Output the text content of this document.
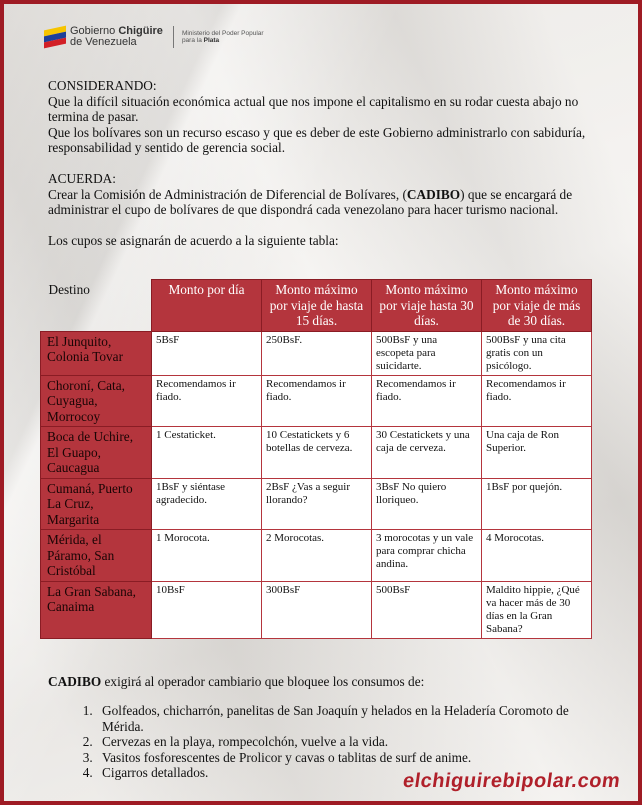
Gobierno Chigüire
de Venezuela
Ministerio del Poder Popular
para la Plata

CONSIDERANDO:

Que la difícil situación económica actual que nos impone el capitalismo en su rodar cuesta abajo no termina de pasar.

Que los bolívares son un recurso escaso y que es deber de este Gobierno administrarlo con sabiduría, responsabilidad y sentido de gerencia social.

ACUERDA:

Crear la Comisión de Administración de Diferencial de Bolívares, (CADIBO) que se encargará de administrar el cupo de bolívares de que dispondrá cada venezolano para hacer turismo nacional.

Los cupos se asignarán de acuerdo a la siguiente tabla:

Destino	Monto por día	Monto máximo por viaje de hasta 15 días.	Monto máximo por viaje hasta 30 días.	Monto máximo por viaje de más de 30 días.
El Junquito, Colonia Tovar	5BsF	250BsF.	500BsF y una escopeta para suicidarte.	500BsF y una cita gratis con un psicólogo.
Choroní, Cata, Cuyagua, Morrocoy	Recomendamos ir fiado.	Recomendamos ir fiado.	Recomendamos ir fiado.	Recomendamos ir fiado.
Boca de Uchire, El Guapo, Caucagua	1 Cestaticket.	10 Cestatickets y 6 botellas de cerveza.	30 Cestatickets y una caja de cerveza.	Una caja de Ron Superior.
Cumaná, Puerto La Cruz, Margarita	1BsF y siéntase agradecido.	2BsF ¿Vas a seguir llorando?	3BsF No quiero lloriqueo.	1BsF por quejón.
Mérida, el Páramo, San Cristóbal	1 Morocota.	2 Morocotas.	3 morocotas y un vale para comprar chicha andina.	4 Morocotas.
La Gran Sabana, Canaima	10BsF	300BsF	500BsF	Maldito hippie, ¿Qué va hacer más de 30 días en la Gran Sabana?

CADIBO exigirá al operador cambiario que bloquee los consumos de:

1. Golfeados, chicharrón, panelitas de San Joaquín y helados en la Heladería Coromoto de Mérida.
2. Cervezas en la playa, rompecolchón, vuelve a la vida.
3. Vasitos fosforescentes de Prolicor y cavas o tablitas de surf de anime.
4. Cigarros detallados.	elchiguirebipolar.com
